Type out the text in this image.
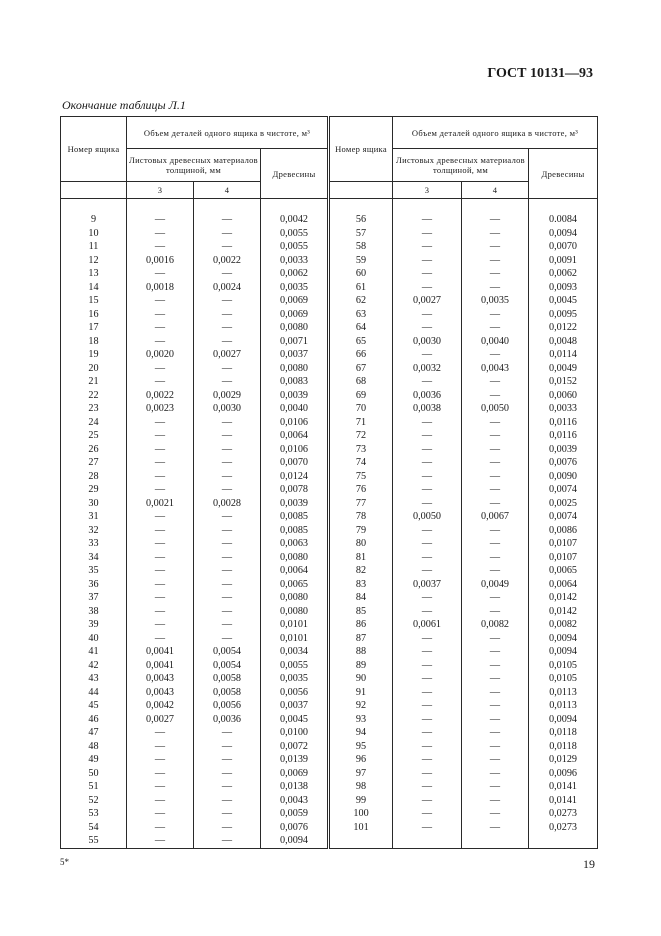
ГОСТ 10131—93
Окончание таблицы Л.1
Номер ящика	Объем деталей одного ящика в чистоте, м³			Номер ящика	Объем деталей одного ящика в чистоте, м³		
	Листовых древесных материалов толщиной, мм		Древесины		Листовых древесных материалов толщиной, мм		Древесины
	3	4			3	4	

9	—	—	0,0042	56	—	—	0.0084
10	—	—	0,0055	57	—	—	0,0094
11	—	—	0,0055	58	—	—	0,0070
12	0,0016	0,0022	0,0033	59	—	—	0,0091
13	—	—	0,0062	60	—	—	0,0062
14	0,0018	0,0024	0,0035	61	—	—	0,0093
15	—	—	0,0069	62	0,0027	0,0035	0,0045
16	—	—	0,0069	63	—	—	0,0095
17	—	—	0,0080	64	—	—	0,0122
18	—	—	0,0071	65	0,0030	0,0040	0,0048
19	0,0020	0,0027	0,0037	66	—	—	0,0114
20	—	—	0,0080	67	0,0032	0,0043	0,0049
21	—	—	0,0083	68	—	—	0,0152
22	0,0022	0,0029	0,0039	69	0,0036	—	0,0060
23	0,0023	0,0030	0,0040	70	0,0038	0,0050	0,0033
24	—	—	0,0106	71	—	—	0,0116
25	—	—	0,0064	72	—	—	0,0116
26	—	—	0,0106	73	—	—	0,0039
27	—	—	0,0070	74	—	—	0,0076
28	—	—	0,0124	75	—	—	0,0090
29	—	—	0,0078	76	—	—	0,0074
30	0,0021	0,0028	0,0039	77	—	—	0,0025
31	—	—	0,0085	78	0,0050	0,0067	0,0074
32	—	—	0,0085	79	—	—	0,0086
33	—	—	0,0063	80	—	—	0,0107
34	—	—	0,0080	81	—	—	0,0107
35	—	—	0,0064	82	—	—	0,0065
36	—	—	0,0065	83	0,0037	0,0049	0,0064
37	—	—	0,0080	84	—	—	0,0142
38	—	—	0,0080	85	—	—	0,0142
39	—	—	0,0101	86	0,0061	0,0082	0,0082
40	—	—	0,0101	87	—	—	0,0094
41	0,0041	0,0054	0,0034	88	—	—	0,0094
42	0,0041	0,0054	0,0055	89	—	—	0,0105
43	0,0043	0,0058	0,0035	90	—	—	0,0105
44	0,0043	0,0058	0,0056	91	—	—	0,0113
45	0,0042	0,0056	0,0037	92	—	—	0,0113
46	0,0027	0,0036	0,0045	93	—	—	0,0094
47	—	—	0,0100	94	—	—	0,0118
48	—	—	0,0072	95	—	—	0,0118
49	—	—	0,0139	96	—	—	0,0129
50	—	—	0,0069	97	—	—	0,0096
51	—	—	0,0138	98	—	—	0,0141
52	—	—	0,0043	99	—	—	0,0141
53	—	—	0,0059	100	—	—	0,0273
54	—	—	0,0076	101	—	—	0,0273
55	—	—	0,0094				
5*	19
